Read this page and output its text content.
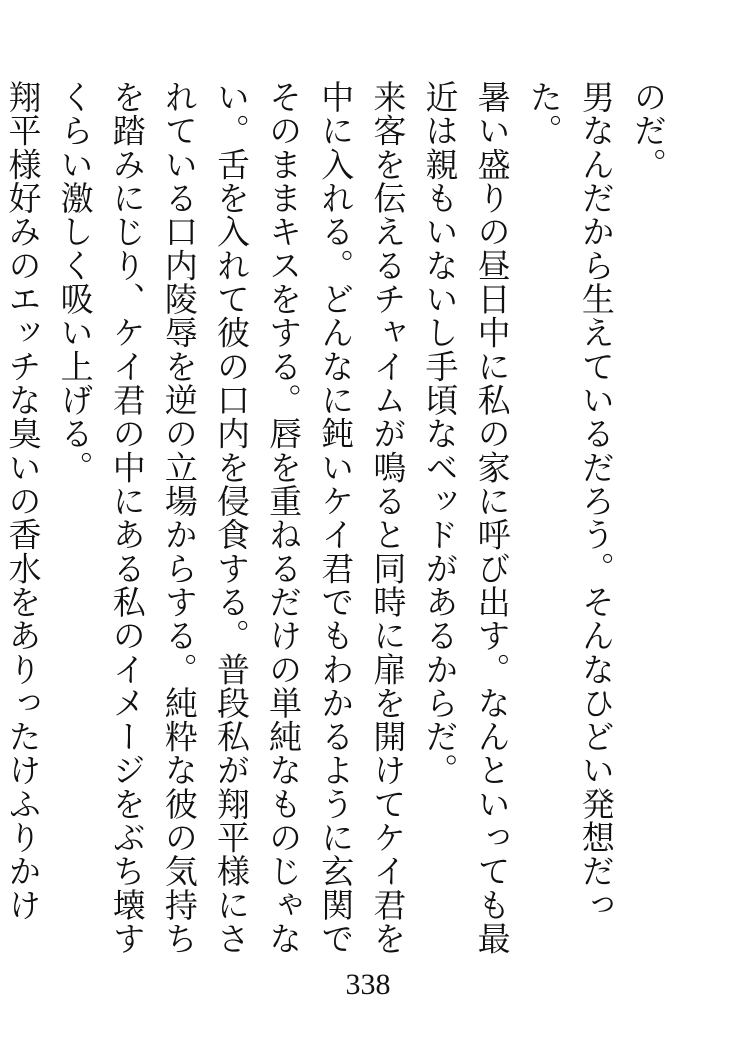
のだ。

男なんだから生えているだろう。そんなひどい発想だった。

暑い盛りの昼日中に私の家に呼び出す。なんといっても最近は親もいないし手頃なベッドがあるからだ。

来客を伝えるチャイムが鳴ると同時に扉を開けてケイ君を中に入れる。どんなに鈍いケイ君でもわかるように玄関でそのままキスをする。唇を重ねるだけの単純なものじゃない。舌を入れて彼の口内を侵食する。普段私が翔平様にされている口内陵辱を逆の立場からする。純粋な彼の気持ちを踏みにじり、ケイ君の中にある私のイメージをぶち壊すくらい激しく吸い上げる。

翔平様好みのエッチな臭いの香水をありったけふりかけ

338
